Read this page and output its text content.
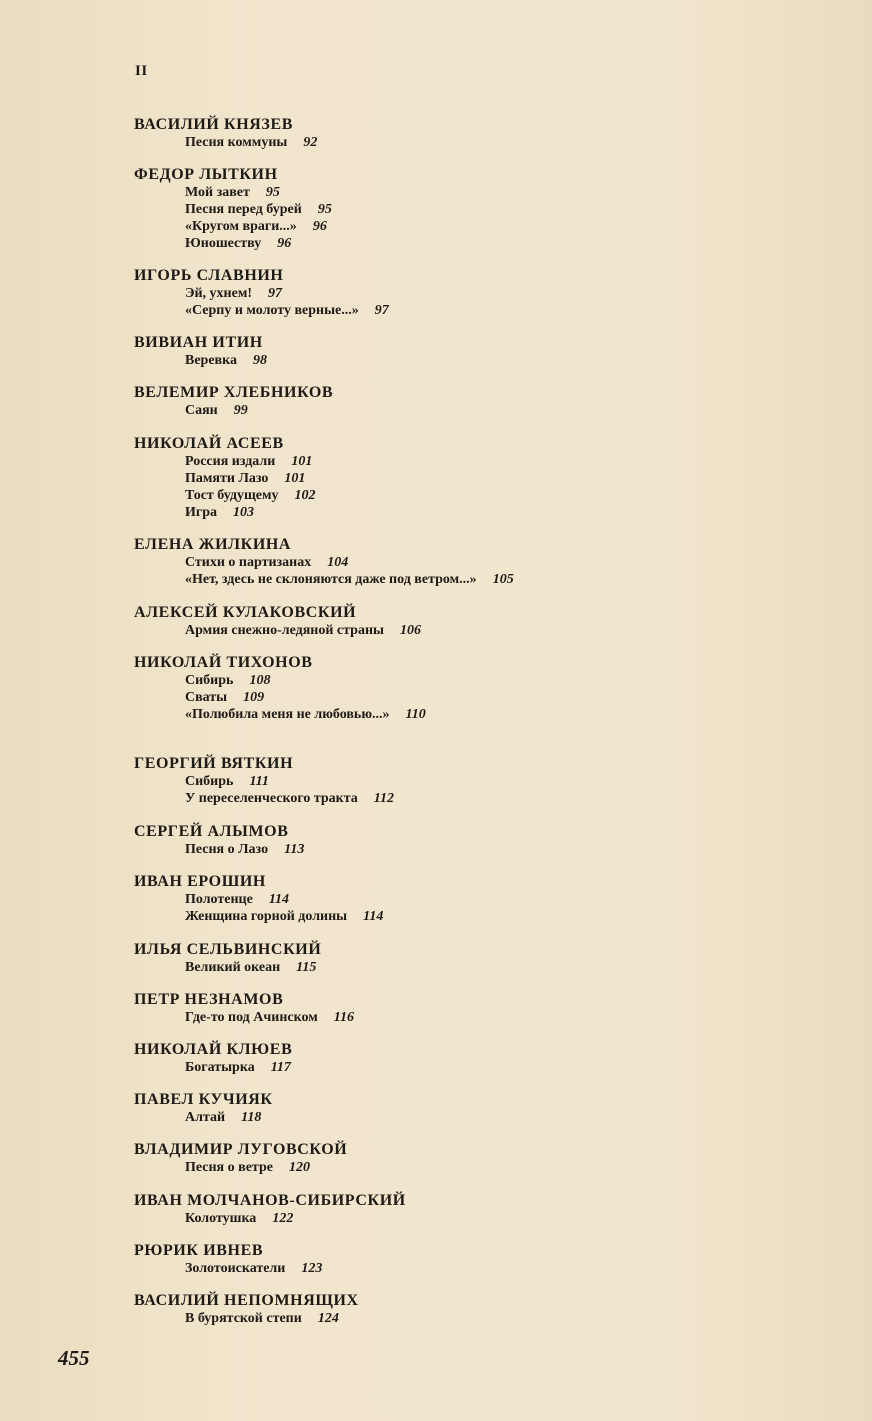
II
ВАСИЛИЙ КНЯЗЕВ
Песня коммуны 92
ФЕДОР ЛЫТКИН
Мой завет 95
Песня перед бурей 95
«Кругом враги...» 96
Юношеству 96
ИГОРЬ СЛАВНИН
Эй, ухнем! 97
«Серпу и молоту верные...» 97
ВИВИАН ИТИН
Веревка 98
ВЕЛЕМИР ХЛЕБНИКОВ
Саян 99
НИКОЛАЙ АСЕЕВ
Россия издали 101
Памяти Лазо 101
Тост будущему 102
Игра 103
ЕЛЕНА ЖИЛКИНА
Стихи о партизанах 104
«Нет, здесь не склоняются даже под ветром...» 105
АЛЕКСЕЙ КУЛАКОВСКИЙ
Армия снежно-ледяной страны 106
НИКОЛАЙ ТИХОНОВ
Сибирь 108
Сваты 109
«Полюбила меня не любовью...» 110
ГЕОРГИЙ ВЯТКИН
Сибирь 111
У переселенческого тракта 112
СЕРГЕЙ АЛЫМОВ
Песня о Лазо 113
ИВАН ЕРОШИН
Полотенце 114
Женщина горной долины 114
ИЛЬЯ СЕЛЬВИНСКИЙ
Великий океан 115
ПЕТР НЕЗНАМОВ
Где-то под Ачинском 116
НИКОЛАЙ КЛЮЕВ
Богатырка 117
ПАВЕЛ КУЧИЯК
Алтай 118
ВЛАДИМИР ЛУГОВСКОЙ
Песня о ветре 120
ИВАН МОЛЧАНОВ-СИБИРСКИЙ
Колотушка 122
РЮРИК ИВНЕВ
Золотоискатели 123
ВАСИЛИЙ НЕПОМНЯЩИХ
В бурятской степи 124
455
